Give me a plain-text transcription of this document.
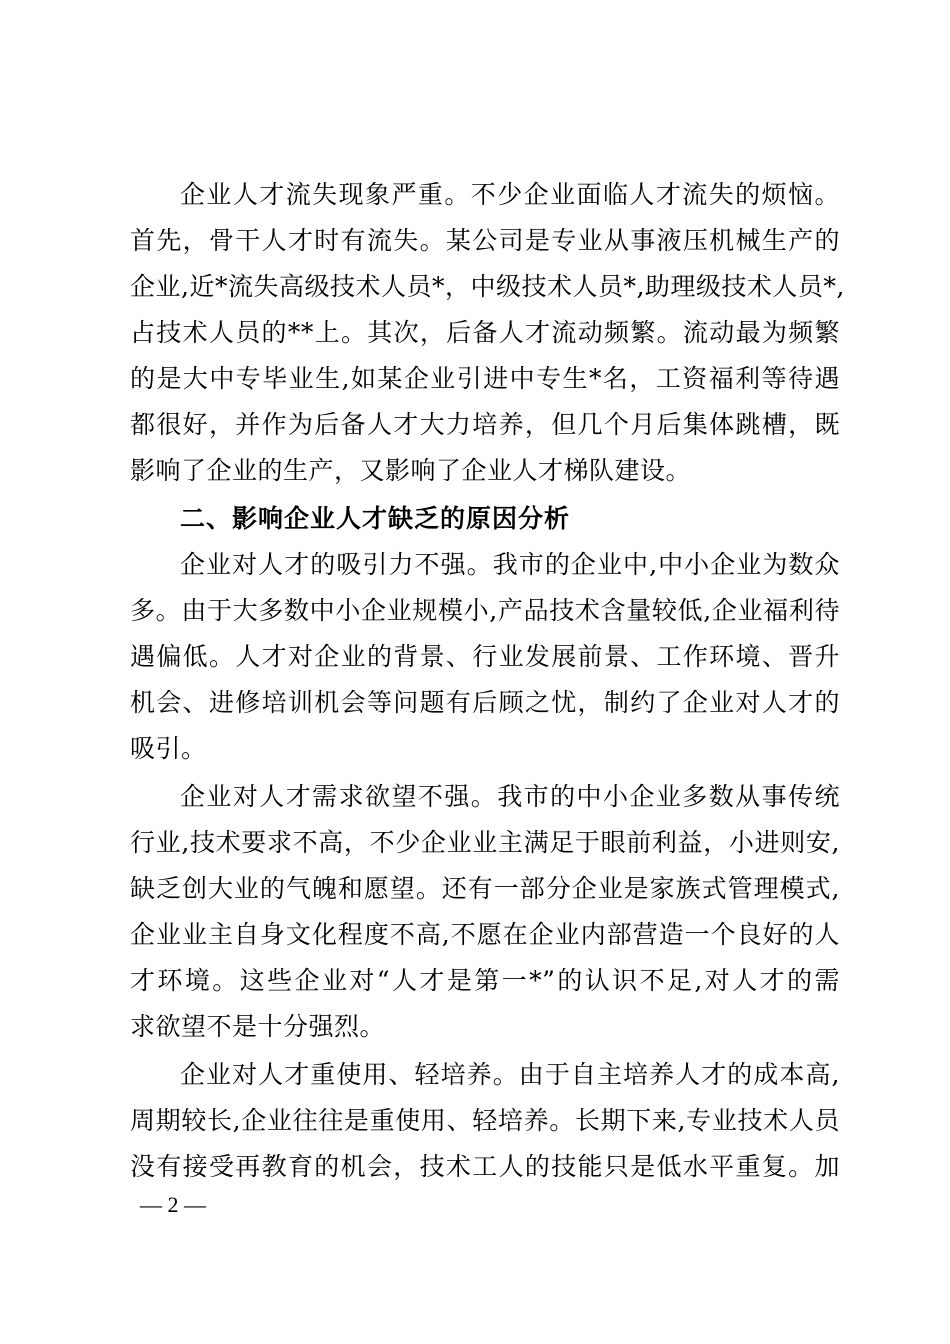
企业人才流失现象严重。不少企业面临人才流失的烦恼。
首先，骨干人才时有流失。某公司是专业从事液压机械生产的
企业,近*流失高级技术人员*，中级技术人员*,助理级技术人员*,
占技术人员的**上。其次，后备人才流动频繁。流动最为频繁
的是大中专毕业生,如某企业引进中专生*名，工资福利等待遇
都很好，并作为后备人才大力培养，但几个月后集体跳槽，既
影响了企业的生产，又影响了企业人才梯队建设。
二、影响企业人才缺乏的原因分析
企业对人才的吸引力不强。我市的企业中,中小企业为数众
多。由于大多数中小企业规模小,产品技术含量较低,企业福利待
遇偏低。人才对企业的背景、行业发展前景、工作环境、晋升
机会、进修培训机会等问题有后顾之忧，制约了企业对人才的
吸引。
企业对人才需求欲望不强。我市的中小企业多数从事传统
行业,技术要求不高，不少企业业主满足于眼前利益，小进则安,
缺乏创大业的气魄和愿望。还有一部分企业是家族式管理模式,
企业业主自身文化程度不高,不愿在企业内部营造一个良好的人
才环境。这些企业对“人才是第一*”的认识不足,对人才的需
求欲望不是十分强烈。
企业对人才重使用、轻培养。由于自主培养人才的成本高,
周期较长,企业往往是重使用、轻培养。长期下来,专业技术人员
没有接受再教育的机会，技术工人的技能只是低水平重复。加
— 2 —
